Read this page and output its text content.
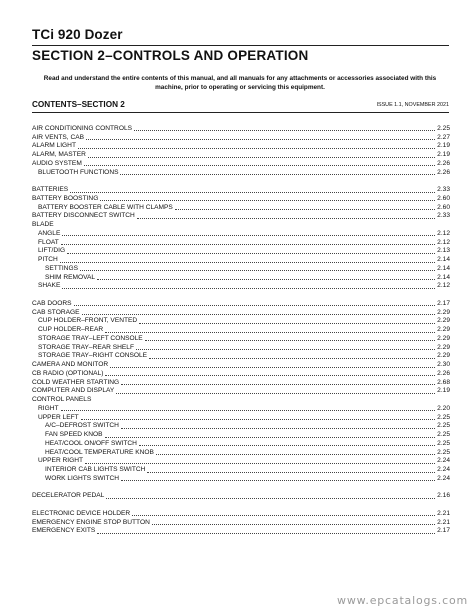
TCi 920 Dozer
SECTION 2–CONTROLS AND OPERATION
Read and understand the entire contents of this manual, and all manuals for any attachments or accessories associated with this machine, prior to operating or servicing this equipment.
CONTENTS–SECTION 2	ISSUE 1.1, NOVEMBER 2021
AIR CONDITIONING CONTROLS	2.25
AIR VENTS, CAB	2.27
ALARM LIGHT	2.19
ALARM, MASTER	2.19
AUDIO SYSTEM	2.26
BLUETOOTH FUNCTIONS	2.26
BATTERIES	2.33
BATTERY BOOSTING	2.60
BATTERY BOOSTER CABLE WITH CLAMPS	2.60
BATTERY DISCONNECT SWITCH	2.33
BLADE
ANGLE	2.12
FLOAT	2.12
LIFT/DIG	2.13
PITCH	2.14
SETTINGS	2.14
SHIM REMOVAL	2.14
SHAKE	2.12
CAB DOORS	2.17
CAB STORAGE	2.29
CUP HOLDER–FRONT, VENTED	2.29
CUP HOLDER–REAR	2.29
STORAGE TRAY–LEFT CONSOLE	2.29
STORAGE TRAY–REAR SHELF	2.29
STORAGE TRAY–RIGHT CONSOLE	2.29
CAMERA AND MONITOR	2.30
CB RADIO (OPTIONAL)	2.26
COLD WEATHER STARTING	2.68
COMPUTER AND DISPLAY	2.19
CONTROL PANELS
RIGHT	2.20
UPPER LEFT	2.25
A/C–DEFROST SWITCH	2.25
FAN SPEED KNOB	2.25
HEAT/COOL ON/OFF SWITCH	2.25
HEAT/COOL TEMPERATURE KNOB	2.25
UPPER RIGHT	2.24
INTERIOR CAB LIGHTS SWITCH	2.24
WORK LIGHTS SWITCH	2.24
DECELERATOR PEDAL	2.16
ELECTRONIC DEVICE HOLDER	2.21
EMERGENCY ENGINE STOP BUTTON	2.21
EMERGENCY EXITS	2.17
www.epcatalogs.com
